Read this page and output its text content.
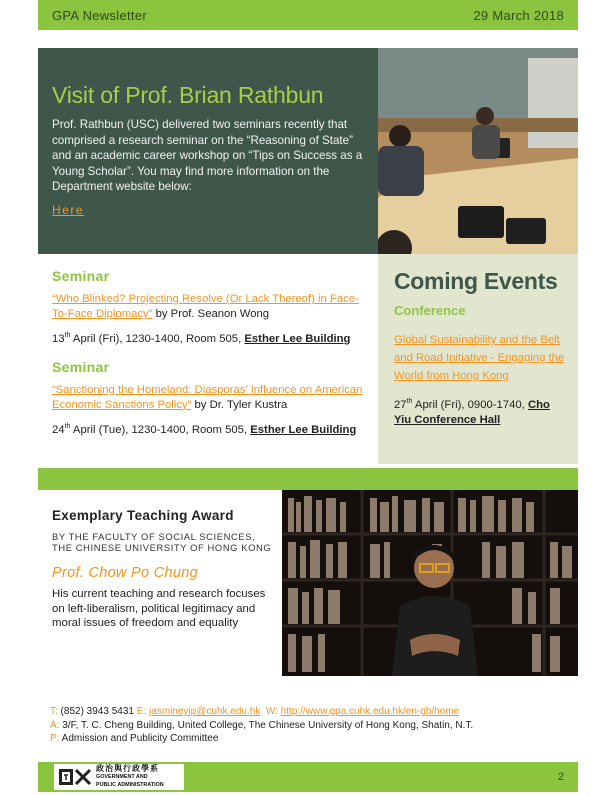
GPA Newsletter	29 March 2018
Visit of Prof. Brian Rathbun

Prof. Rathbun (USC) delivered two seminars recently that comprised a research seminar on the “Reasoning of State” and an academic career workshop on “Tips on Success as a Young Scholar”. You may find more information on the Department website below:

Here
Seminar

“Who Blinked? Projecting Resolve (Or Lack Thereof) in Face-To-Face Diplomacy” by Prof. Seanon Wong

13th April (Fri), 1230-1400, Room 505, Esther Lee Building

Seminar

“Sanctioning the Homeland: Diasporas’ Influence on American Economic Sanctions Policy” by Dr. Tyler Kustra

24th April (Tue), 1230-1400, Room 505, Esther Lee Building

Coming Events
Conference
Global Sustainability and the Belt and Road Initiative - Engaging the World from Hong Kong

27th April (Fri), 0900-1740, Cho Yiu Conference Hall

Exemplary Teaching Award

BY THE FACULTY OF SOCIAL SCIENCES, THE CHINESE UNIVERSITY OF HONG KONG

Prof. Chow Po Chung

His current teaching and research focuses on left-liberalism, political legitimacy and moral issues of freedom and equality

T: (852) 3943 5431 E: jasmineyip@cuhk.edu.hk W: http://www.gpa.cuhk.edu.hk/en-gb/home
A: 3/F, T. C. Cheng Building, United College, The Chinese University of Hong Kong, Shatin, N.T.
P: Admission and Publicity Committee
政治與行政學系
GOVERNMENT AND
PUBLIC ADMINISTRATION
2
